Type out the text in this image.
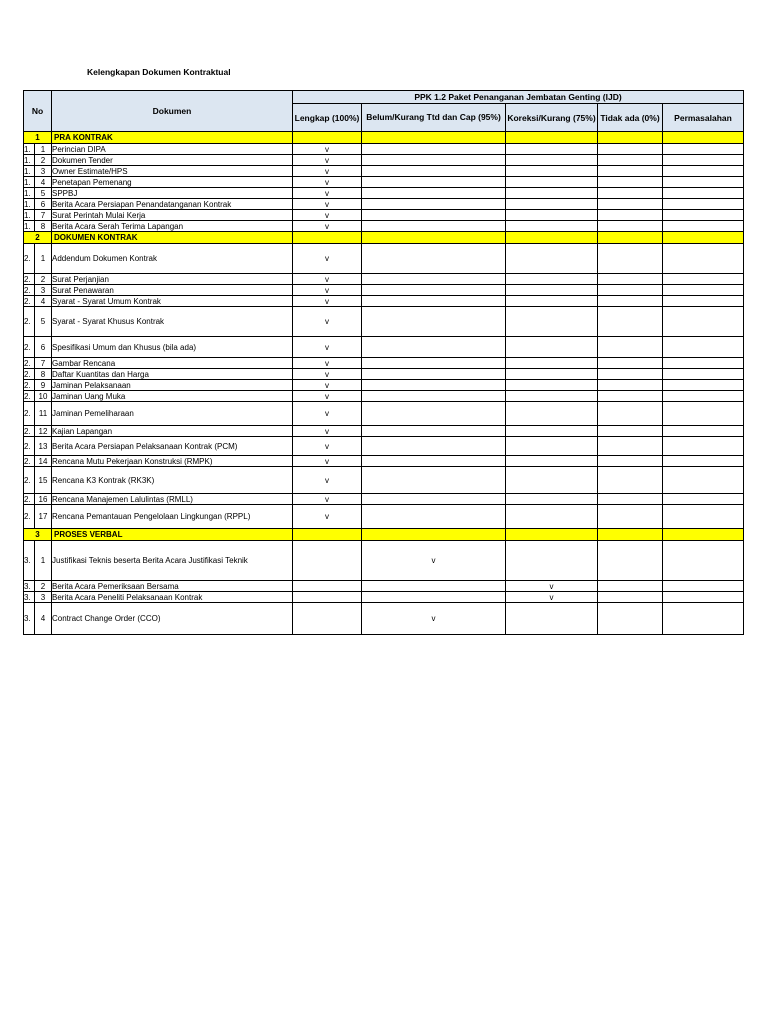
Kelengkapan Dokumen Kontraktual
No		Dokumen	PPK 1.2 Paket Penanganan Jembatan Genting (IJD)				
			Lengkap (100%)	Belum/Kurang Ttd dan Cap (95%)	Koreksi/Kurang (75%)	Tidak ada (0%)	Permasalahan
1		PRA KONTRAK					
1.	1	Perincian DIPA	v				
1.	2	Dokumen Tender	v				
1.	3	Owner Estimate/HPS	v				
1.	4	Penetapan Pemenang	v				
1.	5	SPPBJ	v				
1.	6	Berita Acara Persiapan Penandatanganan Kontrak	v				
1.	7	Surat Perintah Mulai Kerja	v				
1.	8	Berita Acara Serah Terima Lapangan	v				
2		DOKUMEN KONTRAK					
2.	1	Addendum Dokumen Kontrak	v				
2.	2	Surat Perjanjian	v				
2.	3	Surat Penawaran	v				
2.	4	Syarat - Syarat Umum Kontrak	v				
2.	5	Syarat - Syarat Khusus Kontrak	v				
2.	6	Spesifikasi Umum dan Khusus (bila ada)	v				
2.	7	Gambar Rencana	v				
2.	8	Daftar Kuantitas dan Harga	v				
2.	9	Jaminan Pelaksanaan	v				
2.	10	Jaminan Uang Muka	v				
2.	11	Jaminan Pemeliharaan	v				
2.	12	Kajian Lapangan	v				
2.	13	Berita Acara Persiapan Pelaksanaan Kontrak (PCM)	v				
2.	14	Rencana Mutu Pekerjaan Konstruksi (RMPK)	v				
2.	15	Rencana K3 Kontrak (RK3K)	v				
2.	16	Rencana Manajemen Lalulintas (RMLL)	v				
2.	17	Rencana Pemantauan Pengelolaan Lingkungan (RPPL)	v				
3		PROSES VERBAL					
3.	1	Justifikasi Teknis beserta Berita Acara Justifikasi Teknik		v			
3.	2	Berita Acara Pemeriksaan Bersama			v		
3.	3	Berita Acara Peneliti Pelaksanaan Kontrak			v		
3.	4	Contract Change Order (CCO)		v			
